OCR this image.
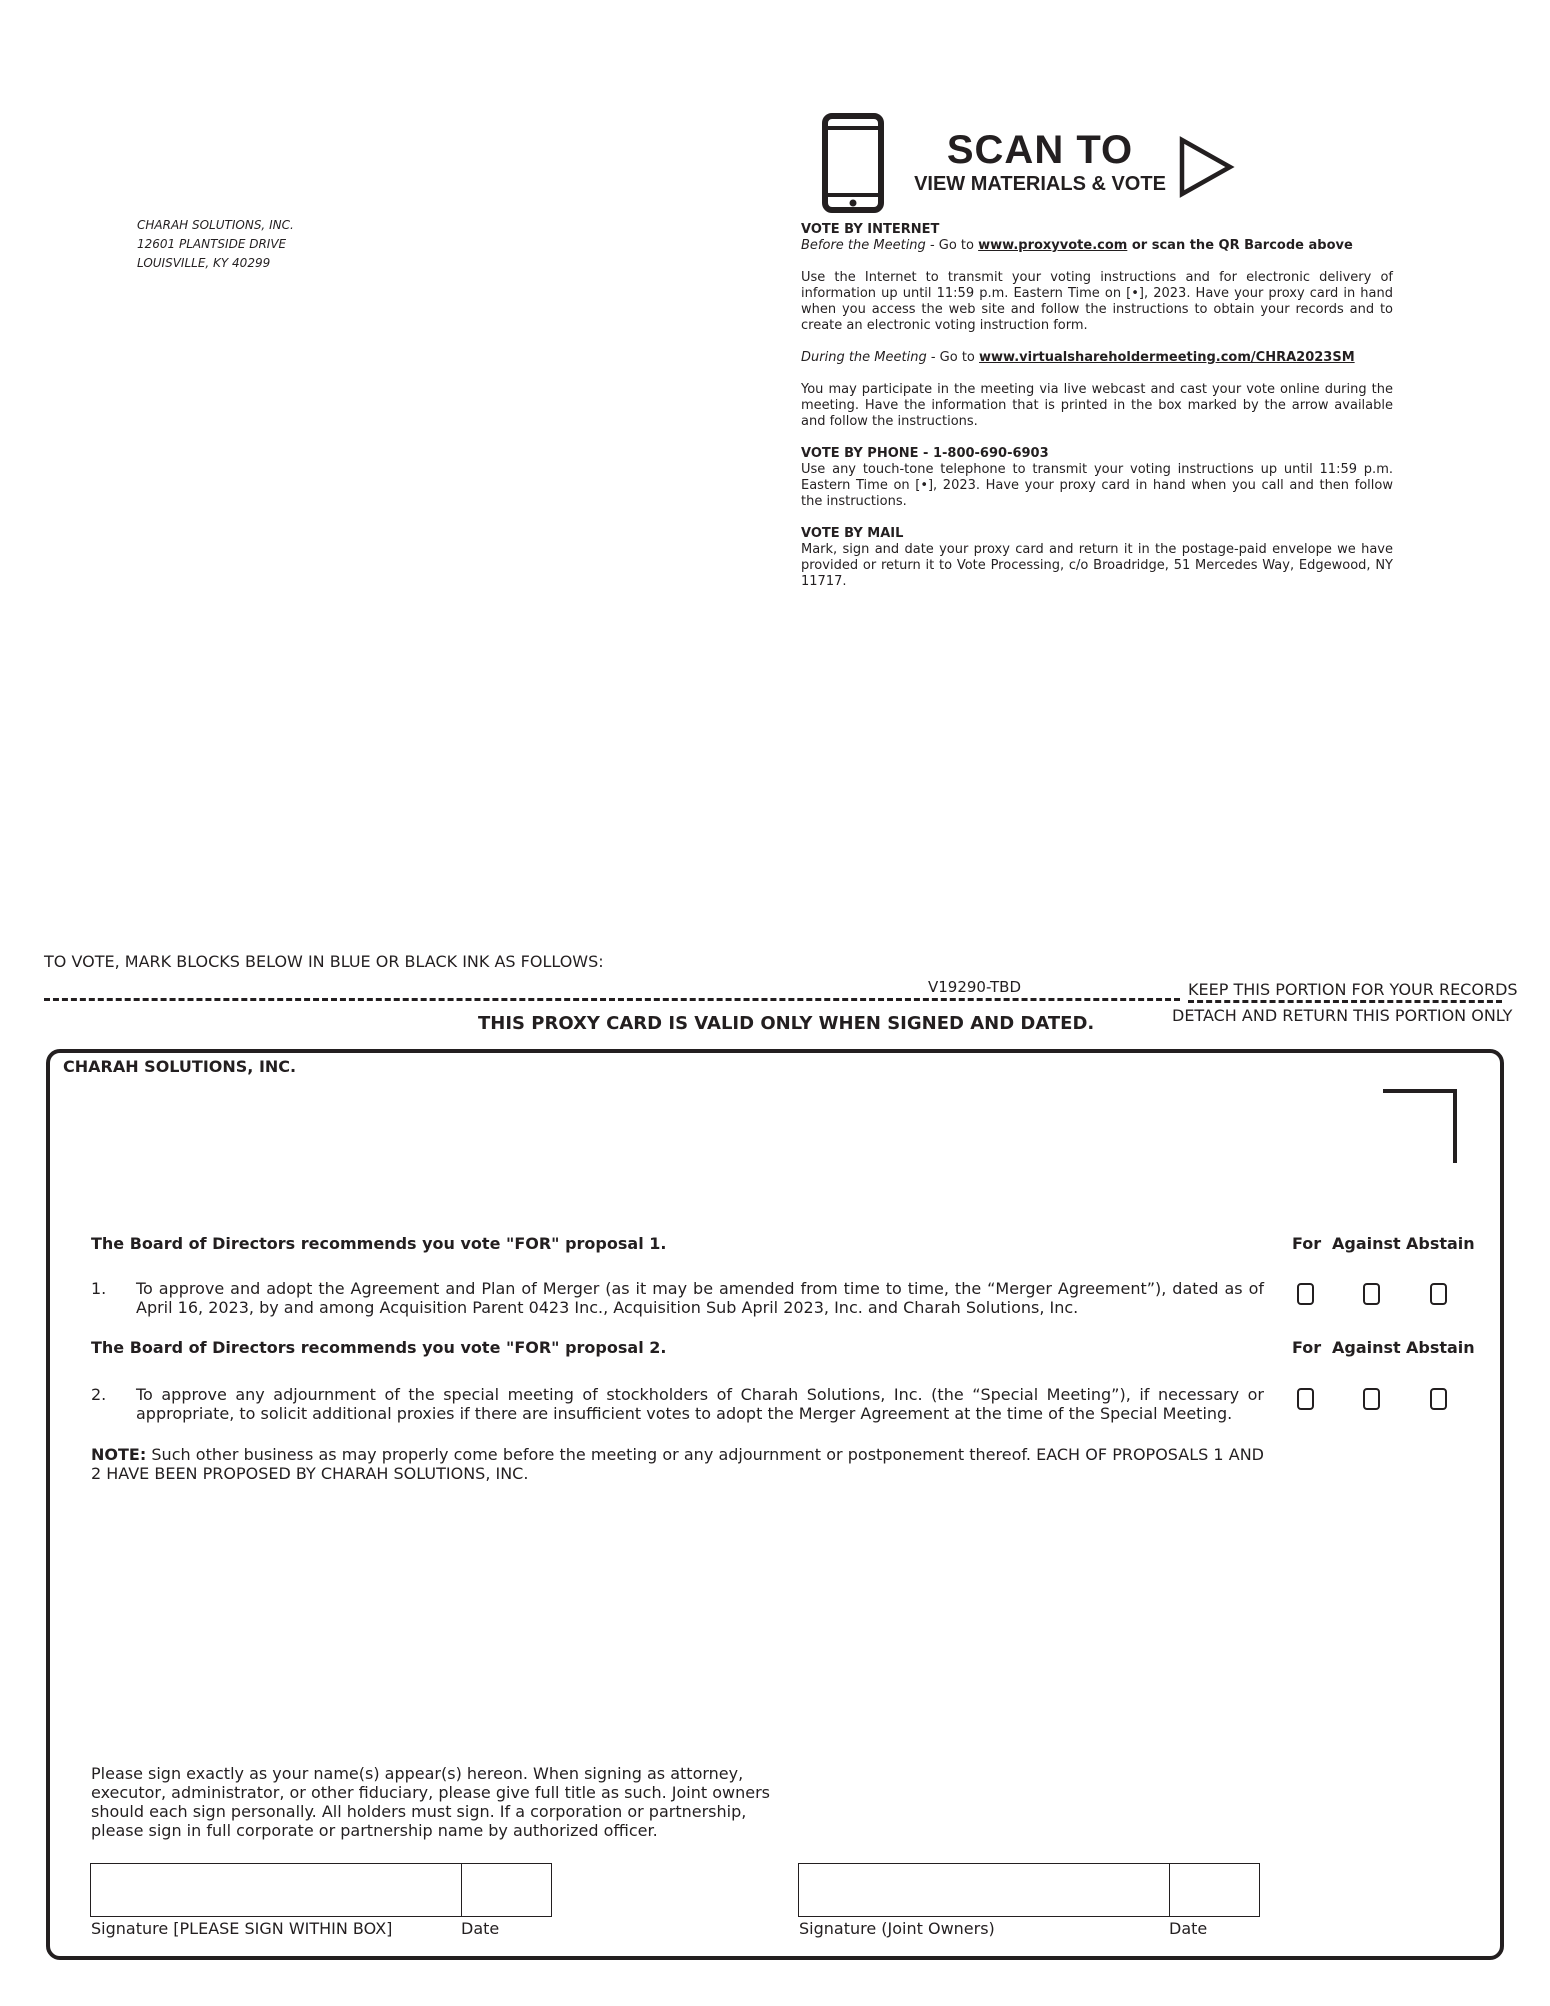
CHARAH SOLUTIONS, INC.
12601 PLANTSIDE DRIVE
LOUISVILLE, KY 40299
SCAN TO
VIEW MATERIALS & VOTE

VOTE BY INTERNET

Before the Meeting - Go to www.proxyvote.com or scan the QR Barcode above

Use the Internet to transmit your voting instructions and for electronic delivery of information up until 11:59 p.m. Eastern Time on [•], 2023. Have your proxy card in hand when you access the web site and follow the instructions to obtain your records and to create an electronic voting instruction form.

During the Meeting - Go to www.virtualshareholdermeeting.com/CHRA2023SM

You may participate in the meeting via live webcast and cast your vote online during the meeting. Have the information that is printed in the box marked by the arrow available and follow the instructions.

VOTE BY PHONE - 1-800-690-6903

Use any touch-tone telephone to transmit your voting instructions up until 11:59 p.m. Eastern Time on [•], 2023. Have your proxy card in hand when you call and then follow the instructions.

VOTE BY MAIL

Mark, sign and date your proxy card and return it in the postage-paid envelope we have provided or return it to Vote Processing, c/o Broadridge, 51 Mercedes Way, Edgewood, NY 11717.

TO VOTE, MARK BLOCKS BELOW IN BLUE OR BLACK INK AS FOLLOWS:
V19290-TBD	KEEP THIS PORTION FOR YOUR RECORDS
DETACH AND RETURN THIS PORTION ONLY
THIS PROXY CARD IS VALID ONLY WHEN SIGNED AND DATED.
CHARAH SOLUTIONS, INC.
The Board of Directors recommends you vote "FOR" proposal 1.	For Against Abstain
1. To approve and adopt the Agreement and Plan of Merger (as it may be amended from time to time, the “Merger Agreement”), dated as of April 16, 2023, by and among Acquisition Parent 0423 Inc., Acquisition Sub April 2023, Inc. and Charah Solutions, Inc.
The Board of Directors recommends you vote "FOR" proposal 2.	For Against Abstain
2. To approve any adjournment of the special meeting of stockholders of Charah Solutions, Inc. (the “Special Meeting”), if necessary or appropriate, to solicit additional proxies if there are insufficient votes to adopt the Merger Agreement at the time of the Special Meeting.
NOTE: Such other business as may properly come before the meeting or any adjournment or postponement thereof. EACH OF PROPOSALS 1 AND 2 HAVE BEEN PROPOSED BY CHARAH SOLUTIONS, INC.
Please sign exactly as your name(s) appear(s) hereon. When signing as attorney, executor, administrator, or other fiduciary, please give full title as such. Joint owners should each sign personally. All holders must sign. If a corporation or partnership, please sign in full corporate or partnership name by authorized officer.
Signature [PLEASE SIGN WITHIN BOX]	Date	Signature (Joint Owners)	Date
